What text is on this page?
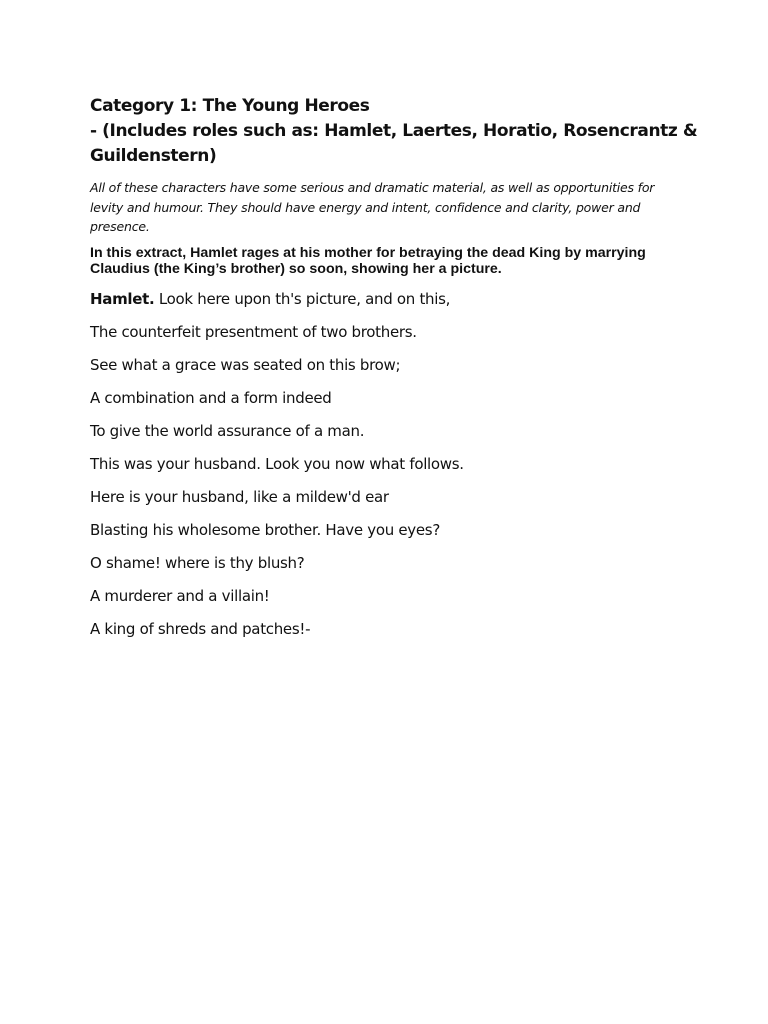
Category 1: The Young Heroes

- (Includes roles such as: Hamlet, Laertes, Horatio, Rosencrantz &

Guildenstern)

All of these characters have some serious and dramatic material, as well as opportunities for levity and humour. They should have energy and intent, confidence and clarity, power and presence.

In this extract, Hamlet rages at his mother for betraying the dead King by marrying Claudius (the King’s brother) so soon, showing her a picture.

Hamlet. Look here upon th's picture, and on this,

The counterfeit presentment of two brothers.

See what a grace was seated on this brow;

A combination and a form indeed

To give the world assurance of a man.

This was your husband. Look you now what follows.

Here is your husband, like a mildew'd ear

Blasting his wholesome brother. Have you eyes?

O shame! where is thy blush?

A murderer and a villain!

A king of shreds and patches!-
